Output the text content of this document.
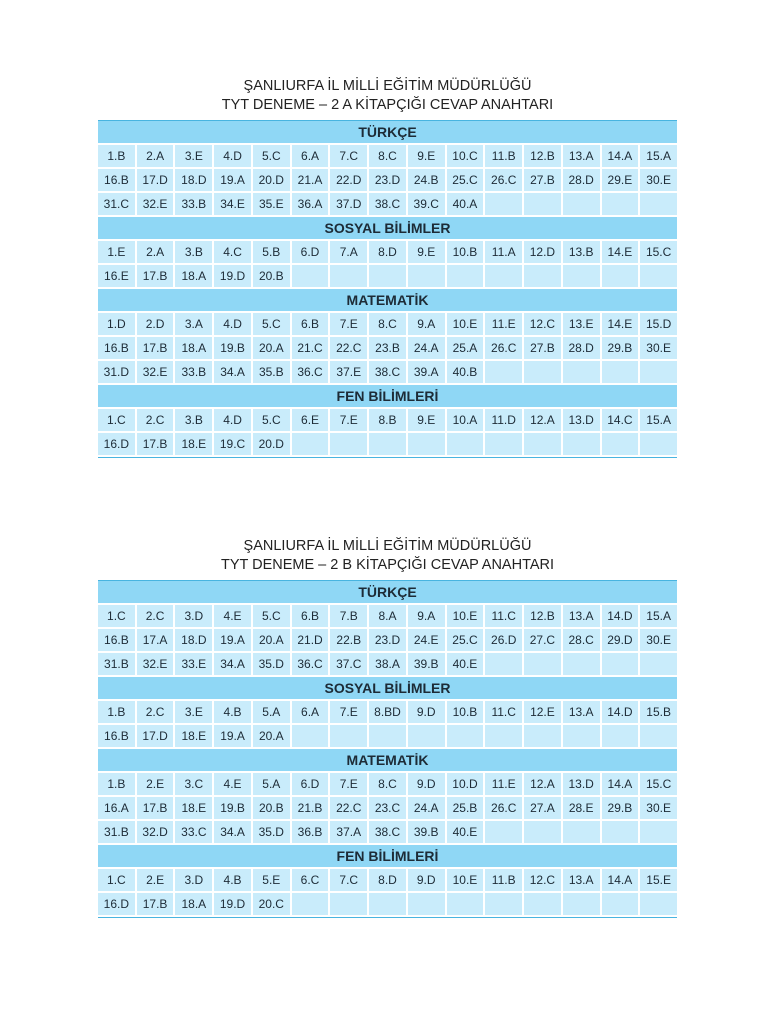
ŞANLIURFA İL MİLLİ EĞİTİM MÜDÜRLÜĞÜ

TYT DENEME – 2 A KİTAPÇIĞI CEVAP ANAHTARI

TÜRKÇE
1.B	2.A	3.E	4.D	5.C	6.A	7.C	8.C	9.E	10.C	11.B	12.B	13.A	14.A	15.A
16.B	17.D	18.D	19.A	20.D	21.A	22.D	23.D	24.B	25.C	26.C	27.B	28.D	29.E	30.E
31.C	32.E	33.B	34.E	35.E	36.A	37.D	38.C	39.C	40.A
SOSYAL BİLİMLER
1.E	2.A	3.B	4.C	5.B	6.D	7.A	8.D	9.E	10.B	11.A	12.D	13.B	14.E	15.C
16.E	17.B	18.A	19.D	20.B
MATEMATİK
1.D	2.D	3.A	4.D	5.C	6.B	7.E	8.C	9.A	10.E	11.E	12.C	13.E	14.E	15.D
16.B	17.B	18.A	19.B	20.A	21.C	22.C	23.B	24.A	25.A	26.C	27.B	28.D	29.B	30.E
31.D	32.E	33.B	34.A	35.B	36.C	37.E	38.C	39.A	40.B
FEN BİLİMLERİ
1.C	2.C	3.B	4.D	5.C	6.E	7.E	8.B	9.E	10.A	11.D	12.A	13.D	14.C	15.A
16.D	17.B	18.E	19.C	20.D

ŞANLIURFA İL MİLLİ EĞİTİM MÜDÜRLÜĞÜ

TYT DENEME – 2 B KİTAPÇIĞI CEVAP ANAHTARI

TÜRKÇE
1.C	2.C	3.D	4.E	5.C	6.B	7.B	8.A	9.A	10.E	11.C	12.B	13.A	14.D	15.A
16.B	17.A	18.D	19.A	20.A	21.D	22.B	23.D	24.E	25.C	26.D	27.C	28.C	29.D	30.E
31.B	32.E	33.E	34.A	35.D	36.C	37.C	38.A	39.B	40.E
SOSYAL BİLİMLER
1.B	2.C	3.E	4.B	5.A	6.A	7.E	8.BD	9.D	10.B	11.C	12.E	13.A	14.D	15.B
16.B	17.D	18.E	19.A	20.A
MATEMATİK
1.B	2.E	3.C	4.E	5.A	6.D	7.E	8.C	9.D	10.D	11.E	12.A	13.D	14.A	15.C
16.A	17.B	18.E	19.B	20.B	21.B	22.C	23.C	24.A	25.B	26.C	27.A	28.E	29.B	30.E
31.B	32.D	33.C	34.A	35.D	36.B	37.A	38.C	39.B	40.E
FEN BİLİMLERİ
1.C	2.E	3.D	4.B	5.E	6.C	7.C	8.D	9.D	10.E	11.B	12.C	13.A	14.A	15.E
16.D	17.B	18.A	19.D	20.C
